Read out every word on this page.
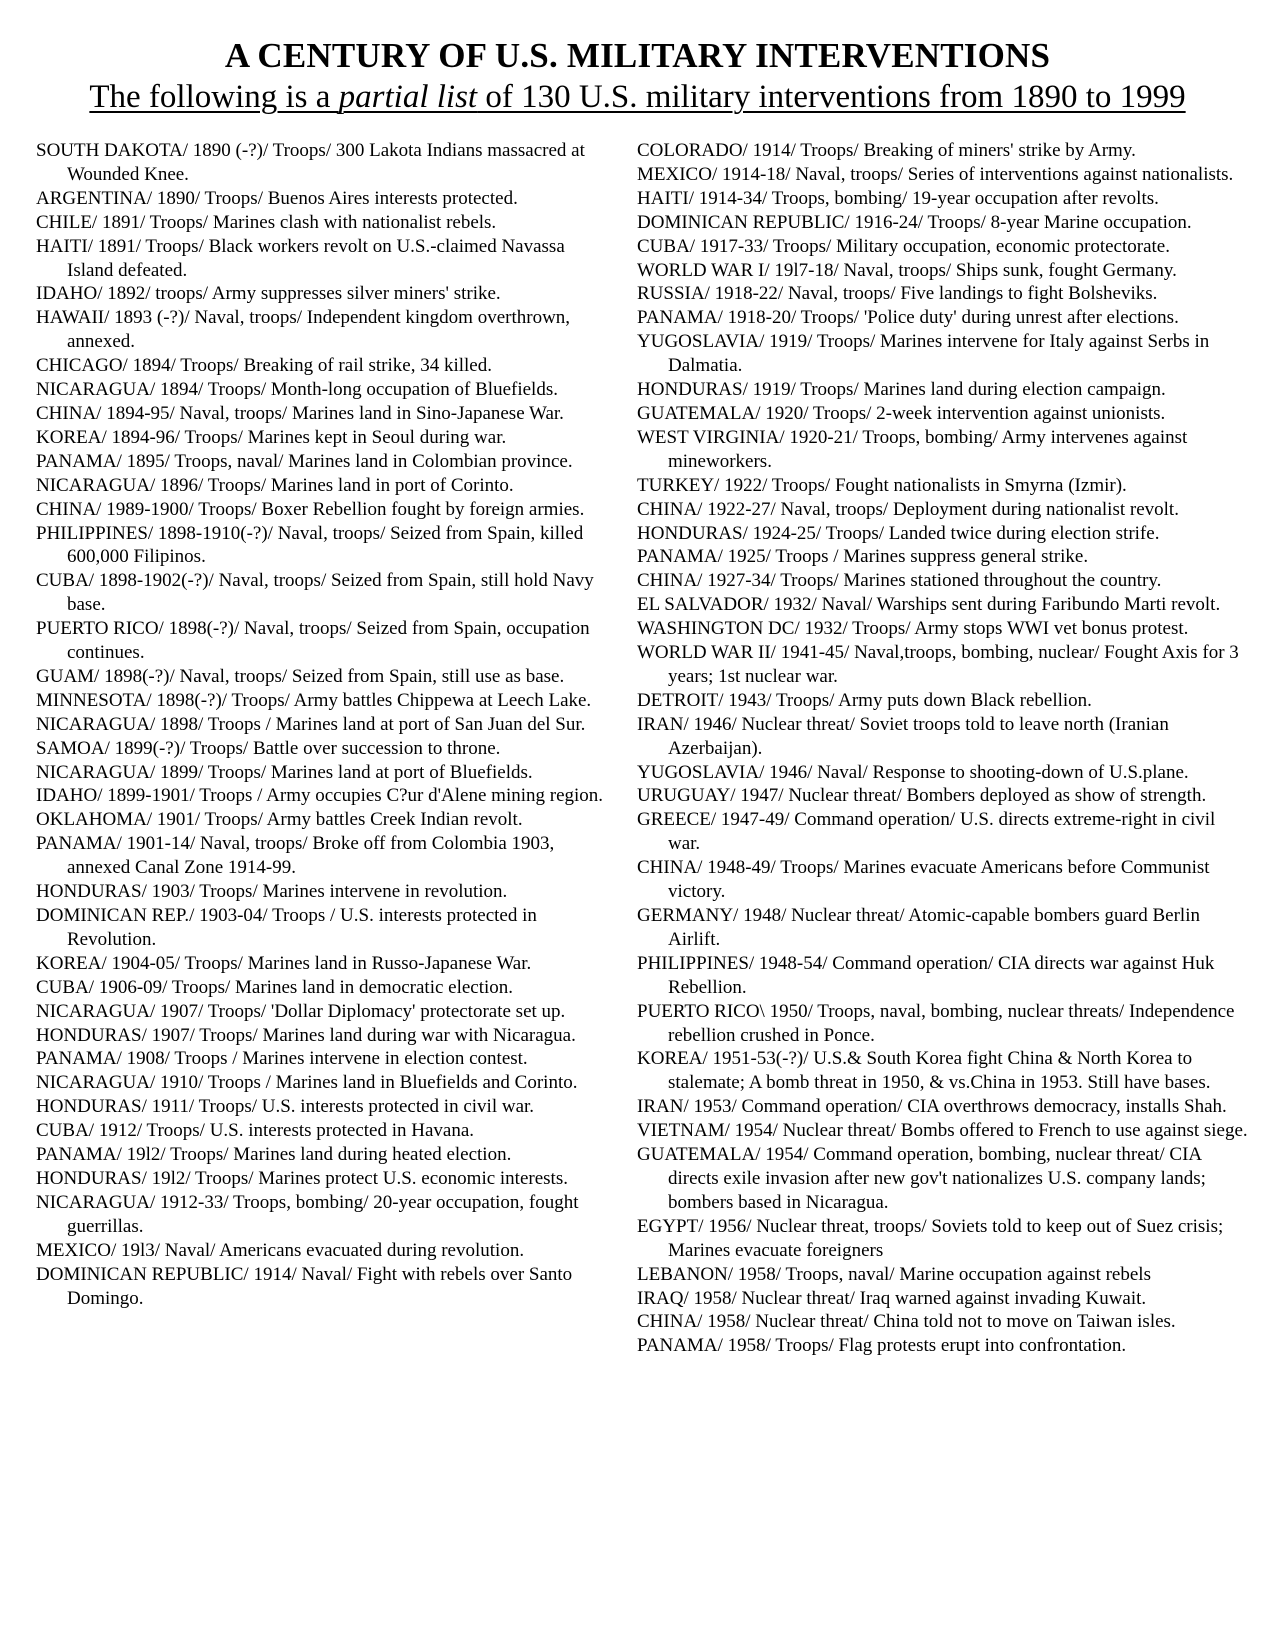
A CENTURY OF U.S. MILITARY INTERVENTIONS
The following is a partial list of 130 U.S. military interventions from 1890 to 1999
SOUTH DAKOTA/ 1890 (-?)/ Troops/ 300 Lakota Indians massacred at Wounded Knee.
ARGENTINA/ 1890/ Troops/ Buenos Aires interests protected.
CHILE/ 1891/ Troops/ Marines clash with nationalist rebels.
HAITI/ 1891/ Troops/ Black workers revolt on U.S.-claimed Navassa Island defeated.
IDAHO/ 1892/ troops/ Army suppresses silver miners' strike.
HAWAII/ 1893 (-?)/ Naval, troops/ Independent kingdom overthrown, annexed.
CHICAGO/ 1894/ Troops/ Breaking of rail strike, 34 killed.
NICARAGUA/ 1894/ Troops/ Month-long occupation of Bluefields.
CHINA/ 1894-95/ Naval, troops/ Marines land in Sino-Japanese War.
KOREA/ 1894-96/ Troops/ Marines kept in Seoul during war.
PANAMA/ 1895/ Troops, naval/ Marines land in Colombian province.
NICARAGUA/ 1896/ Troops/ Marines land in port of Corinto.
CHINA/ 1989-1900/ Troops/ Boxer Rebellion fought by foreign armies.
PHILIPPINES/ 1898-1910(-?)/ Naval, troops/ Seized from Spain, killed 600,000 Filipinos.
CUBA/ 1898-1902(-?)/ Naval, troops/ Seized from Spain, still hold Navy base.
PUERTO RICO/ 1898(-?)/ Naval, troops/ Seized from Spain, occupation continues.
GUAM/ 1898(-?)/ Naval, troops/ Seized from Spain, still use as base.
MINNESOTA/ 1898(-?)/ Troops/ Army battles Chippewa at Leech Lake.
NICARAGUA/ 1898/ Troops / Marines land at port of San Juan del Sur.
SAMOA/ 1899(-?)/ Troops/ Battle over succession to throne.
NICARAGUA/ 1899/ Troops/ Marines land at port of Bluefields.
IDAHO/ 1899-1901/ Troops / Army occupies C?ur d'Alene mining region.
OKLAHOMA/ 1901/ Troops/ Army battles Creek Indian revolt.
PANAMA/ 1901-14/ Naval, troops/ Broke off from Colombia 1903, annexed Canal Zone 1914-99.
HONDURAS/ 1903/ Troops/ Marines intervene in revolution.
DOMINICAN REP./ 1903-04/ Troops / U.S. interests protected in Revolution.
KOREA/ 1904-05/ Troops/ Marines land in Russo-Japanese War.
CUBA/ 1906-09/ Troops/ Marines land in democratic election.
NICARAGUA/ 1907/ Troops/ 'Dollar Diplomacy' protectorate set up.
HONDURAS/ 1907/ Troops/ Marines land during war with Nicaragua.
PANAMA/ 1908/ Troops / Marines intervene in election contest.
NICARAGUA/ 1910/ Troops / Marines land in Bluefields and Corinto.
HONDURAS/ 1911/ Troops/ U.S. interests protected in civil war.
CUBA/ 1912/ Troops/ U.S. interests protected in Havana.
PANAMA/ 19l2/ Troops/ Marines land during heated election.
HONDURAS/ 19l2/ Troops/ Marines protect U.S. economic interests.
NICARAGUA/ 1912-33/ Troops, bombing/ 20-year occupation, fought guerrillas.
MEXICO/ 19l3/ Naval/ Americans evacuated during revolution.
DOMINICAN REPUBLIC/ 1914/ Naval/ Fight with rebels over Santo Domingo.
COLORADO/ 1914/ Troops/ Breaking of miners' strike by Army.
MEXICO/ 1914-18/ Naval, troops/ Series of interventions against nationalists.
HAITI/ 1914-34/ Troops, bombing/ 19-year occupation after revolts.
DOMINICAN REPUBLIC/ 1916-24/ Troops/ 8-year Marine occupation.
CUBA/ 1917-33/ Troops/ Military occupation, economic protectorate.
WORLD WAR I/ 19l7-18/ Naval, troops/ Ships sunk, fought Germany.
RUSSIA/ 1918-22/ Naval, troops/ Five landings to fight Bolsheviks.
PANAMA/ 1918-20/ Troops/ 'Police duty' during unrest after elections.
YUGOSLAVIA/ 1919/ Troops/ Marines intervene for Italy against Serbs in Dalmatia.
HONDURAS/ 1919/ Troops/ Marines land during election campaign.
GUATEMALA/ 1920/ Troops/ 2-week intervention against unionists.
WEST VIRGINIA/ 1920-21/ Troops, bombing/ Army intervenes against mineworkers.
TURKEY/ 1922/ Troops/ Fought nationalists in Smyrna (Izmir).
CHINA/ 1922-27/ Naval, troops/ Deployment during nationalist revolt.
HONDURAS/ 1924-25/ Troops/ Landed twice during election strife.
PANAMA/ 1925/ Troops / Marines suppress general strike.
CHINA/ 1927-34/ Troops/ Marines stationed throughout the country.
EL SALVADOR/ 1932/ Naval/ Warships sent during Faribundo Marti revolt.
WASHINGTON DC/ 1932/ Troops/ Army stops WWI vet bonus protest.
WORLD WAR II/ 1941-45/ Naval,troops, bombing, nuclear/ Fought Axis for 3 years; 1st nuclear war.
DETROIT/ 1943/ Troops/ Army puts down Black rebellion.
IRAN/ 1946/ Nuclear threat/ Soviet troops told to leave north (Iranian Azerbaijan).
YUGOSLAVIA/ 1946/ Naval/ Response to shooting-down of U.S.plane.
URUGUAY/ 1947/ Nuclear threat/ Bombers deployed as show of strength.
GREECE/ 1947-49/ Command operation/ U.S. directs extreme-right in civil war.
CHINA/ 1948-49/ Troops/ Marines evacuate Americans before Communist victory.
GERMANY/ 1948/ Nuclear threat/ Atomic-capable bombers guard Berlin Airlift.
PHILIPPINES/ 1948-54/ Command operation/ CIA directs war against Huk Rebellion.
PUERTO RICO\ 1950/ Troops, naval, bombing, nuclear threats/ Independence rebellion crushed in Ponce.
KOREA/ 1951-53(-?)/ U.S.& South Korea fight China & North Korea to stalemate; A bomb threat in 1950, & vs.China in 1953. Still have bases.
IRAN/ 1953/ Command operation/ CIA overthrows democracy, installs Shah.
VIETNAM/ 1954/ Nuclear threat/ Bombs offered to French to use against siege.
GUATEMALA/ 1954/ Command operation, bombing, nuclear threat/ CIA directs exile invasion after new gov't nationalizes U.S. company lands; bombers based in Nicaragua.
EGYPT/ 1956/ Nuclear threat, troops/ Soviets told to keep out of Suez crisis; Marines evacuate foreigners
LEBANON/ 1958/ Troops, naval/ Marine occupation against rebels
IRAQ/ 1958/ Nuclear threat/ Iraq warned against invading Kuwait.
CHINA/ 1958/ Nuclear threat/ China told not to move on Taiwan isles.
PANAMA/ 1958/ Troops/ Flag protests erupt into confrontation.
